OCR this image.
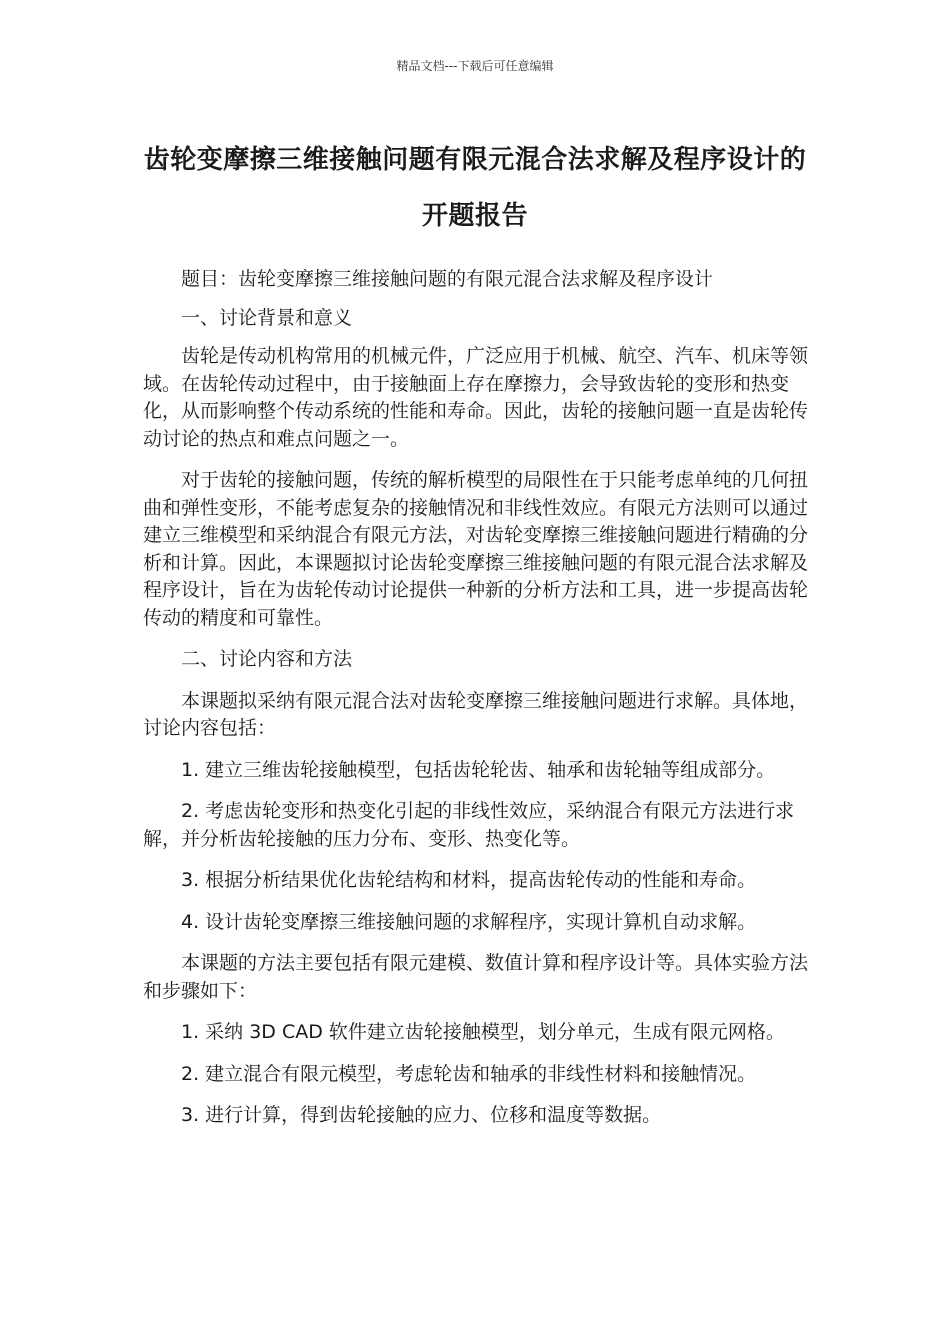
精品文档---下载后可任意编辑
齿轮变摩擦三维接触问题有限元混合法求解及程序设计的开题报告

题目：齿轮变摩擦三维接触问题的有限元混合法求解及程序设计

一、讨论背景和意义

齿轮是传动机构常用的机械元件，广泛应用于机械、航空、汽车、机床等领域。在齿轮传动过程中，由于接触面上存在摩擦力，会导致齿轮的变形和热变化，从而影响整个传动系统的性能和寿命。因此，齿轮的接触问题一直是齿轮传动讨论的热点和难点问题之一。

对于齿轮的接触问题，传统的解析模型的局限性在于只能考虑单纯的几何扭曲和弹性变形，不能考虑复杂的接触情况和非线性效应。有限元方法则可以通过建立三维模型和采纳混合有限元方法，对齿轮变摩擦三维接触问题进行精确的分析和计算。因此，本课题拟讨论齿轮变摩擦三维接触问题的有限元混合法求解及程序设计，旨在为齿轮传动讨论提供一种新的分析方法和工具，进一步提高齿轮传动的精度和可靠性。

二、讨论内容和方法

本课题拟采纳有限元混合法对齿轮变摩擦三维接触问题进行求解。具体地，讨论内容包括：

1. 建立三维齿轮接触模型，包括齿轮轮齿、轴承和齿轮轴等组成部分。

2. 考虑齿轮变形和热变化引起的非线性效应，采纳混合有限元方法进行求解，并分析齿轮接触的压力分布、变形、热变化等。

3. 根据分析结果优化齿轮结构和材料，提高齿轮传动的性能和寿命。

4. 设计齿轮变摩擦三维接触问题的求解程序，实现计算机自动求解。

本课题的方法主要包括有限元建模、数值计算和程序设计等。具体实验方法和步骤如下：

1. 采纳 3D CAD 软件建立齿轮接触模型，划分单元，生成有限元网格。

2. 建立混合有限元模型，考虑轮齿和轴承的非线性材料和接触情况。

3. 进行计算，得到齿轮接触的应力、位移和温度等数据。
